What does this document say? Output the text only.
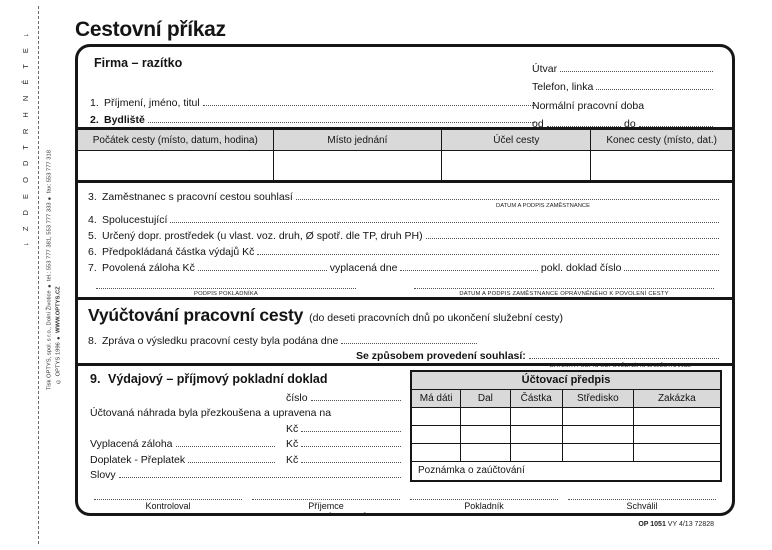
↓ Z D E O D T R H N Ě T E ↓
Tisk OPTYS, spol. s r.o., Dolní Životice ● tel.: 553 777 381, 553 777 333 ● fax: 553 777 318 © OPTYS 1996 ●

WWW.OPTYS.CZ
Cestovní příkaz
Firma – razítko	Útvar
Telefon, linka
Normální pracovní doba
od	do
1. Příjmení, jméno, titul
2. Bydliště
Počátek cesty (místo, datum, hodina)	Místo jednání	Účel cesty	Konec cesty (místo, dat.)
3. Zaměstnanec s pracovní cestou souhlasí
DATUM A PODPIS ZAMĚSTNANCE
4. Spolucestující
5. Určený dopr. prostředek (u vlast. voz. druh, Ø spotř. dle TP, druh PH)
6. Předpokládaná částka výdajů Kč
7. Povolená záloha Kč	vyplacená dne	pokl. doklad číslo
PODPIS POKLADNÍKA	DATUM A PODPIS ZAMĚSTNANCE OPRÁVNĚNÉHO K POVOLENÍ CESTY
Vyúčtování pracovní cesty (do deseti pracovních dnů po ukončení služební cesty)
8. Zpráva o výsledku pracovní cesty byla podána dne
Se způsobem provedení souhlasí:
DATUM A PODPIS ODPOVĚDNÉHO ZAMĚSTNANCE
9. Výdajový – příjmový pokladní doklad
číslo
Účtovaná náhrada byla přezkoušena a upravena na
Kč
Vyplacená záloha	Kč
Doplatek - Přeplatek	Kč
Slovy
Účtovací předpis
Má dáti	Dal	Částka	Středisko	Zakázka
Poznámka o zaúčtování
Kontroloval
DATUM A PODPIS
Příjemce
DATUM A PODPIS (PRŮKAZ TOTOŽNOSTI)
Pokladník
DATUM A PODPIS
Schválil
DATUM A PODPIS
OP 1051 VY 4/13 72828
